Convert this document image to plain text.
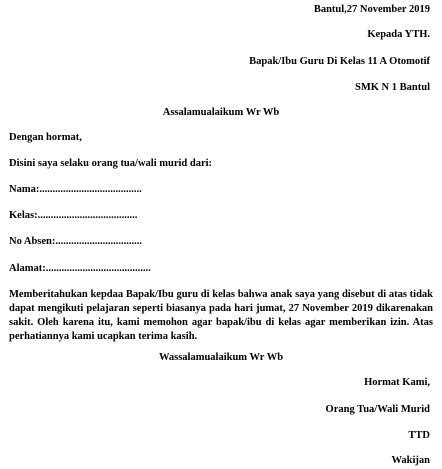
Bantul,27 November 2019
Kepada YTH.
Bapak/Ibu Guru Di Kelas 11 A Otomotif
SMK N 1 Bantul
Assalamualaikum Wr Wb
Dengan hormat,
Disini saya selaku orang tua/wali murid dari:
Nama:.......................................
Kelas:......................................
No Absen:.................................
Alamat:........................................
Memberitahukan kepdaa Bapak/Ibu guru di kelas bahwa anak saya yang disebut di atas tidak dapat mengikuti pelajaran seperti biasanya pada hari jumat, 27 November 2019 dikarenakan sakit. Oleh karena itu, kami memohon agar bapak/ibu di kelas agar memberikan izin. Atas perhatiannya kami ucapkan terima kasih.
Wassalamualaikum Wr Wb
Hormat Kami,
Orang Tua/Wali Murid
TTD
Wakijan
